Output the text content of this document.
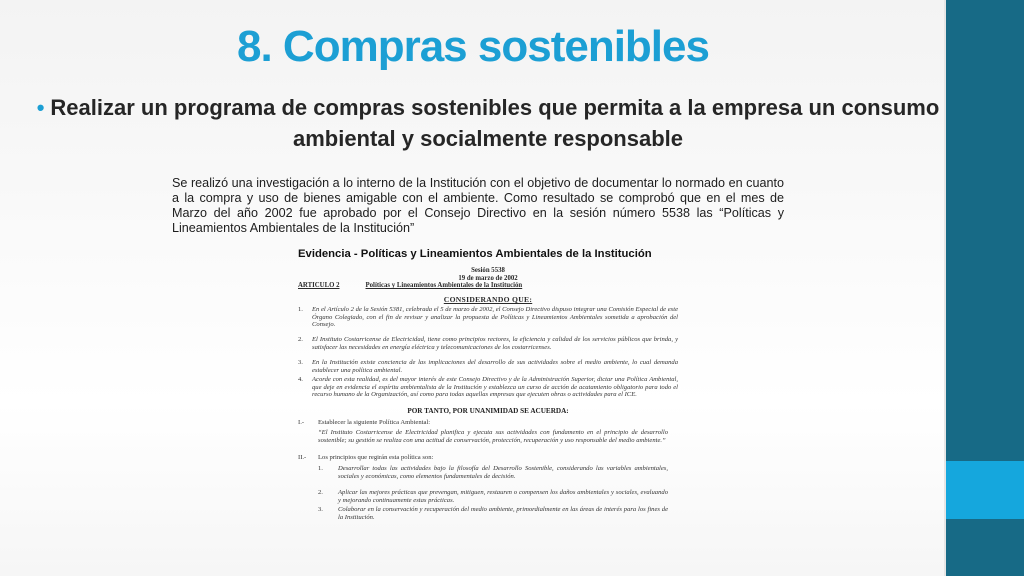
8. Compras sostenibles
• Realizar un programa de compras sostenibles que permita a la empresa un consumo ambiental y socialmente responsable
Se realizó una investigación a lo interno de la Institución con el objetivo de documentar lo normado en cuanto a la compra y uso de bienes amigable con el ambiente. Como resultado se comprobó que en el mes de Marzo del año 2002 fue aprobado por el Consejo Directivo en la sesión número 5538 las “Políticas y Lineamientos Ambientales de la Institución”
Evidencia - Políticas y Lineamientos Ambientales de la Institución
Sesión 5538
19 de marzo de 2002
ARTICULO 2	Políticas y Lineamientos Ambientales de la Institución
CONSIDERANDO QUE:
1. En el Artículo 2 de la Sesión 5381, celebrada el 5 de marzo de 2002, el Consejo Directivo dispuso integrar una Comisión Especial de este Órgano Colegiado, con el fin de revisar y analizar la propuesta de Políticas y Lineamientos Ambientales sometida a aprobación del Consejo.
2. El Instituto Costarricense de Electricidad, tiene como principios rectores, la eficiencia y calidad de los servicios públicos que brinda, y satisfacer las necesidades en energía eléctrica y telecomunicaciones de los costarricenses.
3. En la Institución existe conciencia de las implicaciones del desarrollo de sus actividades sobre el medio ambiente, lo cual demanda establecer una política ambiental.
4. Acorde con esta realidad, es del mayor interés de este Consejo Directivo y de la Administración Superior, dictar una Política Ambiental, que deje en evidencia el espíritu ambientalista de la Institución y establezca un curso de acción de acatamiento obligatorio para todo el recurso humano de la Organización, así como para todas aquellas empresas que ejecuten obras o actividades para el ICE.
POR TANTO, POR UNANIMIDAD SE ACUERDA:
I.- Establecer la siguiente Política Ambiental:
“El Instituto Costarricense de Electricidad planifica y ejecuta sus actividades con fundamento en el principio de desarrollo sostenible; su gestión se realiza con una actitud de conservación, protección, recuperación y uso responsable del medio ambiente.”
II.- Los principios que regirán esta política son:
1. Desarrollar todas las actividades bajo la filosofía del Desarrollo Sostenible, considerando las variables ambientales, sociales y económicas, como elementos fundamentales de decisión.
2. Aplicar las mejores prácticas que prevengan, mitiguen, restauren o compensen los daños ambientales y sociales, evaluando y mejorando continuamente estas prácticas.
3. Colaborar en la conservación y recuperación del medio ambiente, primordialmente en las áreas de interés para los fines de la Institución.
